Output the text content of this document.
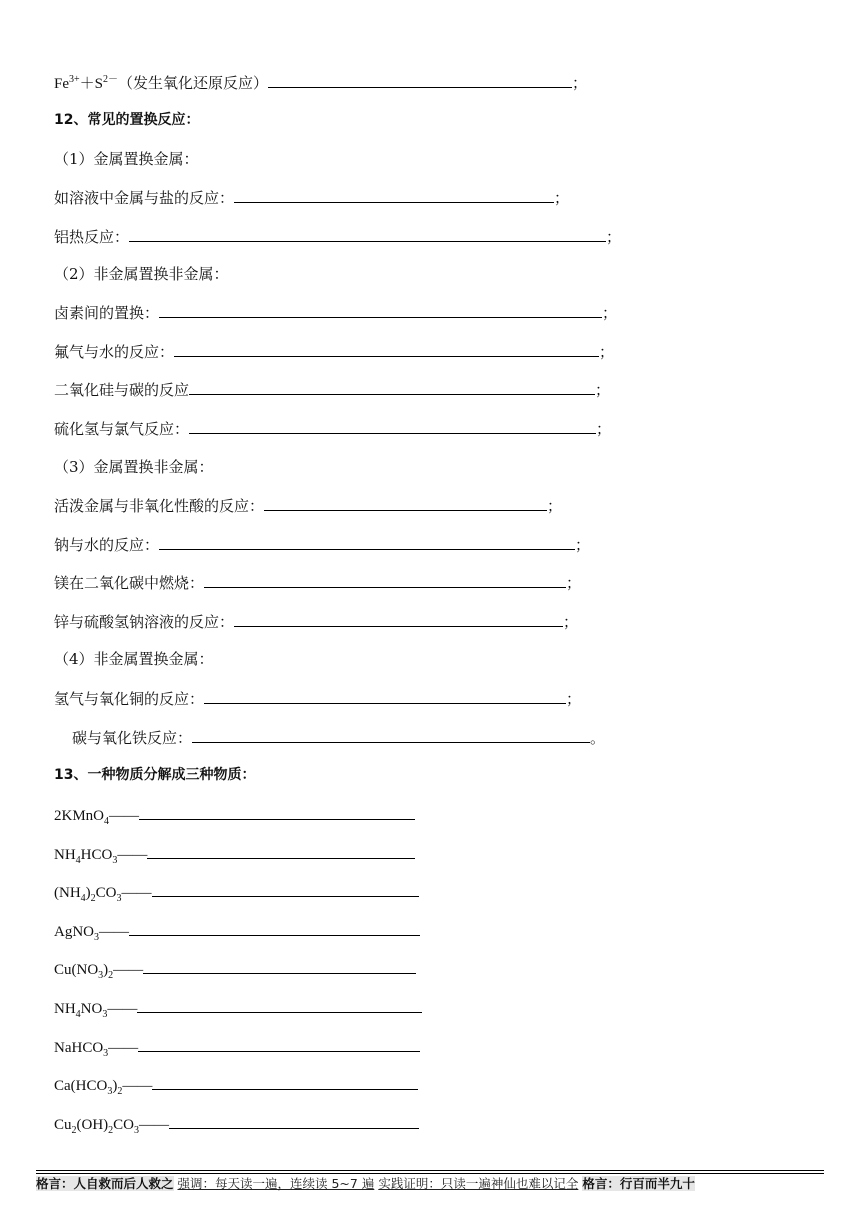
$Fe^{3+}+S^{2-}$（发生氧化还原反应）	；
12、常见的置换反应：
（1）金属置换金属：
如溶液中金属与盐的反应：	；
铝热反应：	；
（2）非金属置换非金属：
卤素间的置换：	；
氟气与水的反应：	；
二氧化硅与碳的反应	；
硫化氢与氯气反应：	；
（3）金属置换非金属：
活泼金属与非氧化性酸的反应：	；
钠与水的反应：	；
镁在二氧化碳中燃烧：	；
锌与硫酸氢钠溶液的反应：	；
（4）非金属置换金属：
氢气与氧化铜的反应：	；
碳与氧化铁反应：	。
13、一种物质分解成三种物质：
2KMnO$_4$——
$NH_4HCO_3——$
$(NH_4)_2CO_3——$
AgNO$_3$——
$Cu(NO_3)_2——$
$NH_4NO_3——$
NaHCO$_3$——
$Ca(HCO_3)_2——$
$Cu_2(OH)_2CO_3——$
格言：人自救而后人救之 强调：每天读一遍，连续读 5~7 遍 实践证明：只读一遍神仙也难以记全 格言：行百而半九十
